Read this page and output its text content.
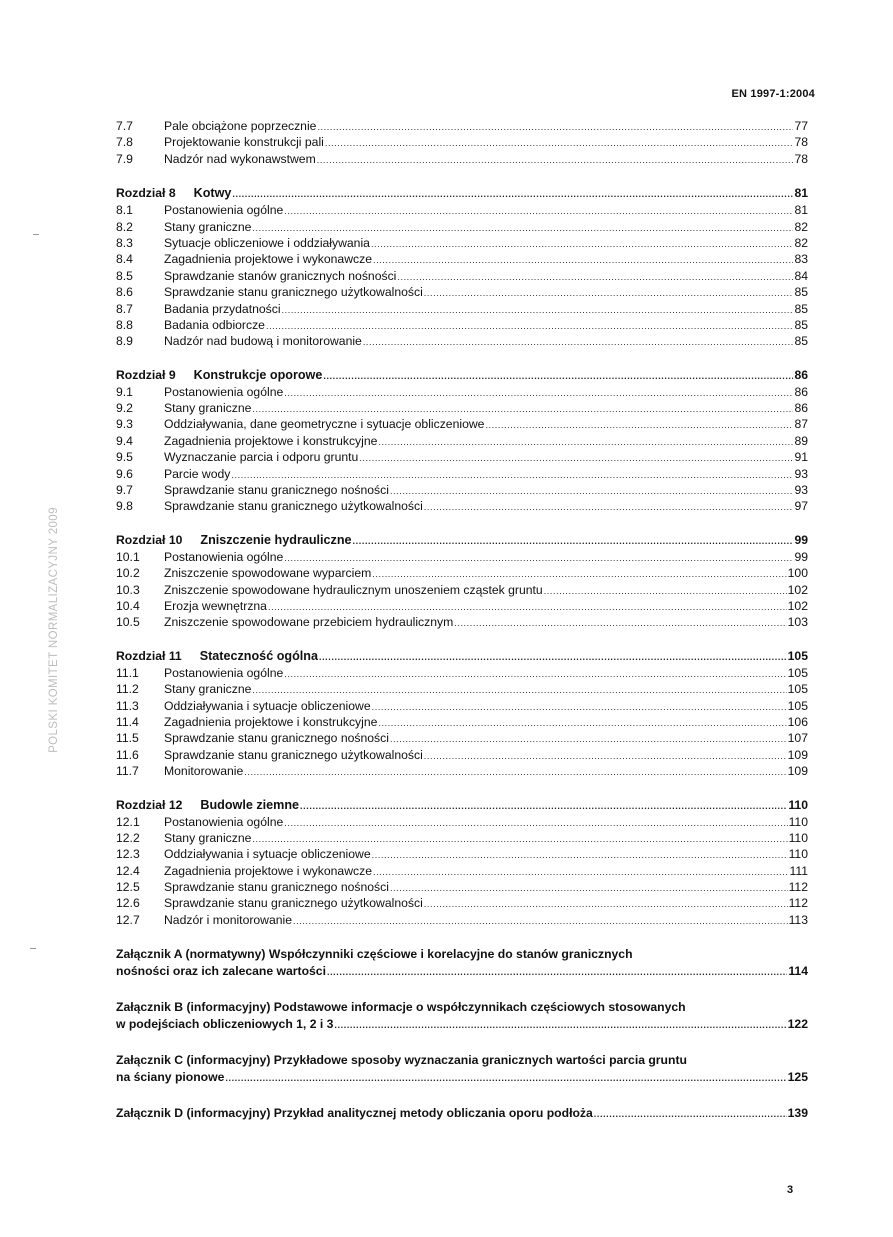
EN 1997-1:2004
POLSKI KOMITET NORMALIZACYJNY 2009
7.7	Pale obciążone poprzecznie .....	77
7.8	Projektowanie konstrukcji pali .....	78
7.9	Nadzór nad wykonawstwem .....	78
Rozdział 8 Kotwy .....	81
8.1	Postanowienia ogólne .....	81
8.2	Stany graniczne .....	82
8.3	Sytuacje obliczeniowe i oddziaływania .....	82
8.4	Zagadnienia projektowe i wykonawcze .....	83
8.5	Sprawdzanie stanów granicznych nośności .....	84
8.6	Sprawdzanie stanu granicznego użytkowalności .....	85
8.7	Badania przydatności .....	85
8.8	Badania odbiorcze .....	85
8.9	Nadzór nad budową i monitorowanie .....	85
Rozdział 9 Konstrukcje oporowe .....	86
9.1	Postanowienia ogólne .....	86
9.2	Stany graniczne .....	86
9.3	Oddziaływania, dane geometryczne i sytuacje obliczeniowe .....	87
9.4	Zagadnienia projektowe i konstrukcyjne .....	89
9.5	Wyznaczanie parcia i odporu gruntu .....	91
9.6	Parcie wody .....	93
9.7	Sprawdzanie stanu granicznego nośności .....	93
9.8	Sprawdzanie stanu granicznego użytkowalności .....	97
Rozdział 10 Zniszczenie hydrauliczne .....	99
10.1	Postanowienia ogólne .....	99
10.2	Zniszczenie spowodowane wyparciem .....	100
10.3	Zniszczenie spowodowane hydraulicznym unoszeniem cząstek gruntu .....	102
10.4	Erozja wewnętrzna .....	102
10.5	Zniszczenie spowodowane przebiciem hydraulicznym .....	103
Rozdział 11 Stateczność ogólna .....	105
11.1	Postanowienia ogólne .....	105
11.2	Stany graniczne .....	105
11.3	Oddziaływania i sytuacje obliczeniowe .....	105
11.4	Zagadnienia projektowe i konstrukcyjne .....	106
11.5	Sprawdzanie stanu granicznego nośności .....	107
11.6	Sprawdzanie stanu granicznego użytkowalności .....	109
11.7	Monitorowanie .....	109
Rozdział 12 Budowle ziemne .....	110
12.1	Postanowienia ogólne .....	110
12.2	Stany graniczne .....	110
12.3	Oddziaływania i sytuacje obliczeniowe .....	110
12.4	Zagadnienia projektowe i wykonawcze .....	111
12.5	Sprawdzanie stanu granicznego nośności .....	112
12.6	Sprawdzanie stanu granicznego użytkowalności .....	112
12.7	Nadzór i monitorowanie .....	113
Załącznik A (normatywny) Współczynniki częściowe i korelacyjne do stanów granicznych
nośności oraz ich zalecane wartości .....	114
Załącznik B (informacyjny) Podstawowe informacje o współczynnikach częściowych stosowanych
w podejściach obliczeniowych 1, 2 i 3 .....	122
Załącznik C (informacyjny) Przykładowe sposoby wyznaczania granicznych wartości parcia gruntu
na ściany pionowe .....	125
Załącznik D (informacyjny) Przykład analitycznej metody obliczania oporu podłoża .....	139
3
